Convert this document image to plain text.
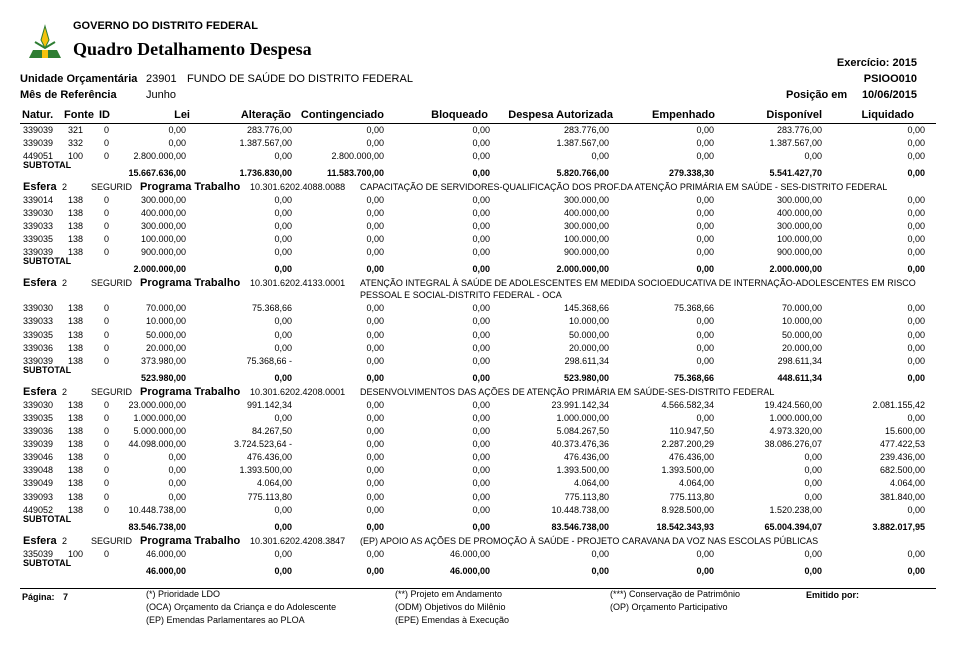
GOVERNO DO DISTRITO FEDERAL
Quadro Detalhamento Despesa
Exercício: 2015
PSIOO010
Unidade Orçamentária 23901 FUNDO DE SAÚDE DO DISTRITO FEDERAL
Mês de Referência	Junho	Posição em 10/06/2015
Natur. Fonte ID	Lei	Alteração Contingenciado	Bloqueado	Despesa Autorizada	Empenhado	Disponível	Liquidado
339039	321	0	0,00	283.776,00	0,00	0,00	283.776,00	0,00	283.776,00	0,00
339039	332	0	0,00	1.387.567,00	0,00	0,00	1.387.567,00	0,00	1.387.567,00	0,00
449051	100	0	2.800.000,00	0,00	2.800.000,00	0,00	0,00	0,00	0,00	0,00
SUBTOTAL
15.667.636,00	1.736.830,00	11.583.700,00	0,00	5.820.766,00	279.338,30	5.541.427,70	0,00
Esfera 2	SEGURID Programa Trabalho 10.301.6202.4088.0088 CAPACITAÇÃO DE SERVIDORES-QUALIFICAÇÃO DOS PROF.DA ATENÇÃO PRIMÁRIA EM SAÚDE - SES-DISTRITO FEDERAL
339014	138	0	300.000,00	0,00	0,00	0,00	300.000,00	0,00	300.000,00	0,00
339030	138	0	400.000,00	0,00	0,00	0,00	400.000,00	0,00	400.000,00	0,00
339033	138	0	300.000,00	0,00	0,00	0,00	300.000,00	0,00	300.000,00	0,00
339035	138	0	100.000,00	0,00	0,00	0,00	100.000,00	0,00	100.000,00	0,00
339039	138	0	900.000,00	0,00	0,00	0,00	900.000,00	0,00	900.000,00	0,00
SUBTOTAL
2.000.000,00	0,00	0,00	0,00	2.000.000,00	0,00	2.000.000,00	0,00
Esfera 2	SEGURID Programa Trabalho 10.301.6202.4133.0001 ATENÇÃO INTEGRAL À SAÚDE DE ADOLESCENTES EM MEDIDA SOCIOEDUCATIVA DE INTERNAÇÃO-ADOLESCENTES EM RISCO
PESSOAL E SOCIAL-DISTRITO FEDERAL - OCA
339030	138	0	70.000,00	75.368,66	0,00	0,00	145.368,66	75.368,66	70.000,00	0,00
339033	138	0	10.000,00	0,00	0,00	0,00	10.000,00	0,00	10.000,00	0,00
339035	138	0	50.000,00	0,00	0,00	0,00	50.000,00	0,00	50.000,00	0,00
339036	138	0	20.000,00	0,00	0,00	0,00	20.000,00	0,00	20.000,00	0,00
339039	138	0	373.980,00	75.368,66 -	0,00	0,00	298.611,34	0,00	298.611,34	0,00
SUBTOTAL
523.980,00	0,00	0,00	0,00	523.980,00	75.368,66	448.611,34	0,00
Esfera 2	SEGURID Programa Trabalho 10.301.6202.4208.0001 DESENVOLVIMENTOS DAS AÇÕES DE ATENÇÃO PRIMÁRIA EM SAÚDE-SES-DISTRITO FEDERAL
339030	138	0	23.000.000,00	991.142,34	0,00	0,00	23.991.142,34	4.566.582,34	19.424.560,00	2.081.155,42
339035	138	0	1.000.000,00	0,00	0,00	0,00	1.000.000,00	0,00	1.000.000,00	0,00
339036	138	0	5.000.000,00	84.267,50	0,00	0,00	5.084.267,50	110.947,50	4.973.320,00	15.600,00
339039	138	0	44.098.000,00	3.724.523,64 -	0,00	0,00	40.373.476,36	2.287.200,29	38.086.276,07	477.422,53
339046	138	0	0,00	476.436,00	0,00	0,00	476.436,00	476.436,00	0,00	239.436,00
339048	138	0	0,00	1.393.500,00	0,00	0,00	1.393.500,00	1.393.500,00	0,00	682.500,00
339049	138	0	0,00	4.064,00	0,00	0,00	4.064,00	4.064,00	0,00	4.064,00
339093	138	0	0,00	775.113,80	0,00	0,00	775.113,80	775.113,80	0,00	381.840,00
449052	138	0	10.448.738,00	0,00	0,00	0,00	10.448.738,00	8.928.500,00	1.520.238,00	0,00
SUBTOTAL
83.546.738,00	0,00	0,00	0,00	83.546.738,00	18.542.343,93	65.004.394,07	3.882.017,95
Esfera 2	SEGURID Programa Trabalho 10.301.6202.4208.3847 (EP) APOIO AS AÇÕES DE PROMOÇÃO À SAÚDE - PROJETO CARAVANA DA VOZ NAS ESCOLAS PÚBLICAS
335039	100	0	46.000,00	0,00	0,00	46.000,00	0,00	0,00	0,00	0,00
SUBTOTAL
46.000,00	0,00	0,00	46.000,00	0,00	0,00	0,00	0,00
Página: 7	Emitido por:
(*) Prioridade LDO	(**) Projeto em Andamento	(***) Conservação de Patrimônio
(OCA) Orçamento da Criança e do Adolescente	(ODM) Objetivos do Milênio	(OP) Orçamento Participativo
(EP) Emendas Parlamentares ao PLOA	(EPE) Emendas à Execução
